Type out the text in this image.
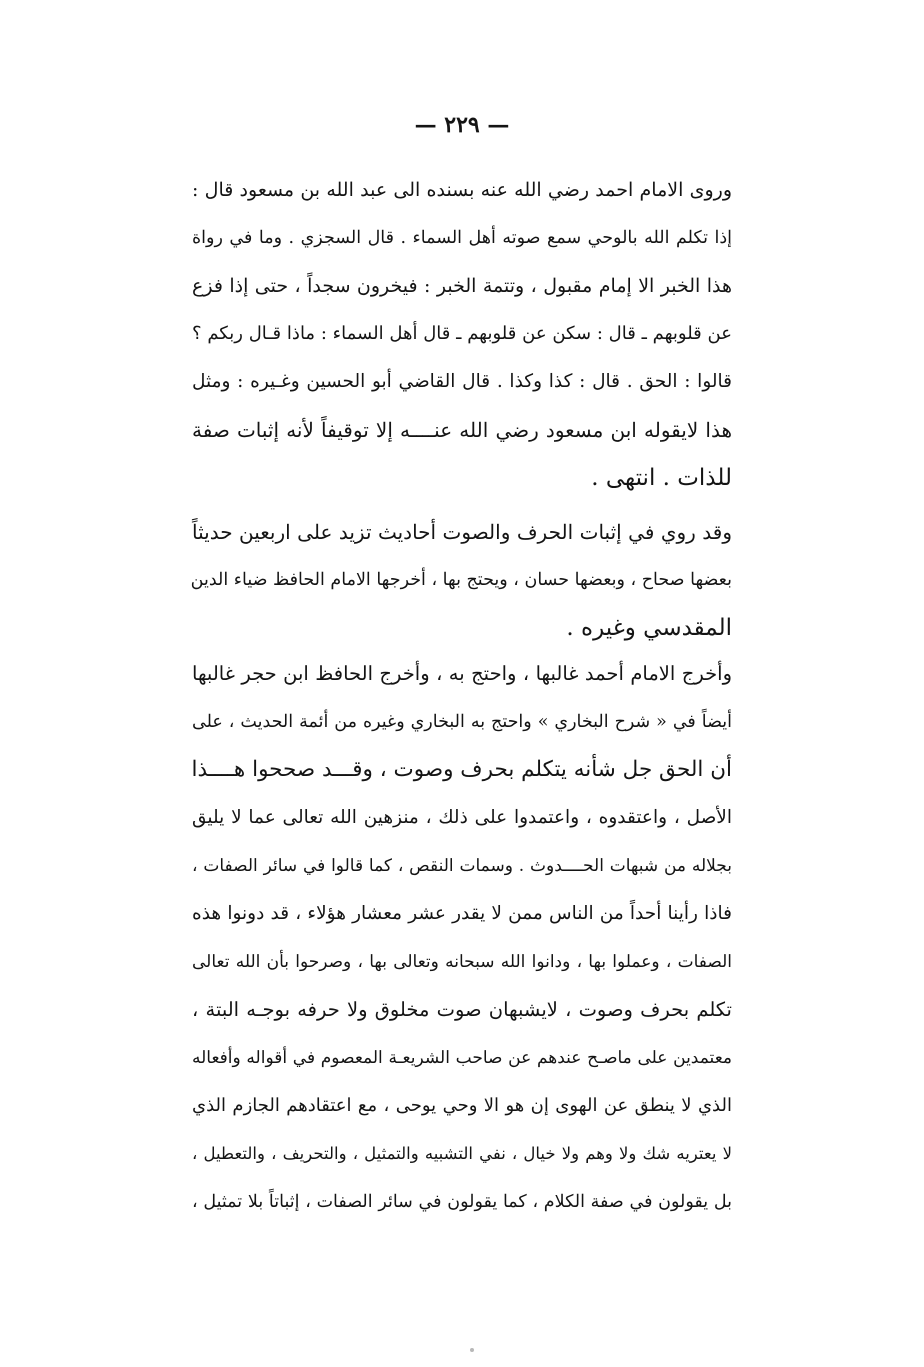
— ٢٢٩ —
وروى الامام احمد رضي الله عنه بسنده الى عبد الله بن مسعود قال :
إذا تكلم الله بالوحي سمع صوته أهل السماء . قال السجزي . وما في رواة
هذا الخبر الا إمام مقبول ، وتتمة الخبر : فيخرون سجداً ، حتى إذا فزع
عن قلوبهم ـ قال : سكن عن قلوبهم ـ قال أهل السماء : ماذا قـال ربكم ؟
قالوا : الحق . قال : كذا وكذا . قال القاضي أبو الحسين وغـيره : ومثل
هذا لايقوله ابن مسعود رضي الله عنــــه إلا توقيفاً لأنه إثبات صفة
للذات . انتهى .
وقد روي في إثبات الحرف والصوت أحاديث تزيد على اربعين حديثاً
بعضها صحاح ، وبعضها حسان ، ويحتج بها ، أخرجها الامام الحافظ ضياء الدين
المقدسي وغيره .
وأخرج الامام أحمد غالبها ، واحتج به ، وأخرج الحافظ ابن حجر غالبها
أيضاً في « شرح البخاري » واحتج به البخاري وغيره من أئمة الحديث ، على
أن الحق جل شأنه يتكلم بحرف وصوت ، وقـــد صححوا هــــذا
الأصل ، واعتقدوه ، واعتمدوا على ذلك ، منزهين الله تعالى عما لا يليق
بجلاله من شبهات الحــــدوث . وسمات النقص ، كما قالوا في سائر الصفات ،
فاذا رأينا أحداً من الناس ممن لا يقدر عشر معشار هؤلاء ، قد دونوا هذه
الصفات ، وعملوا بها ، ودانوا الله سبحانه وتعالى بها ، وصرحوا بأن الله تعالى
تكلم بحرف وصوت ، لايشبهان صوت مخلوق ولا حرفه بوجـه البتة ،
معتمدين على ماصـح عندهم عن صاحب الشريعـة المعصوم في أقواله وأفعاله
الذي لا ينطق عن الهوى إن هو الا وحي يوحى ، مع اعتقادهم الجازم الذي
لا يعتريه شك ولا وهم ولا خيال ، نفي التشبيه والتمثيل ، والتحريف ، والتعطيل ،
بل يقولون في صفة الكلام ، كما يقولون في سائر الصفات ، إثباتاً بلا تمثيل ،
